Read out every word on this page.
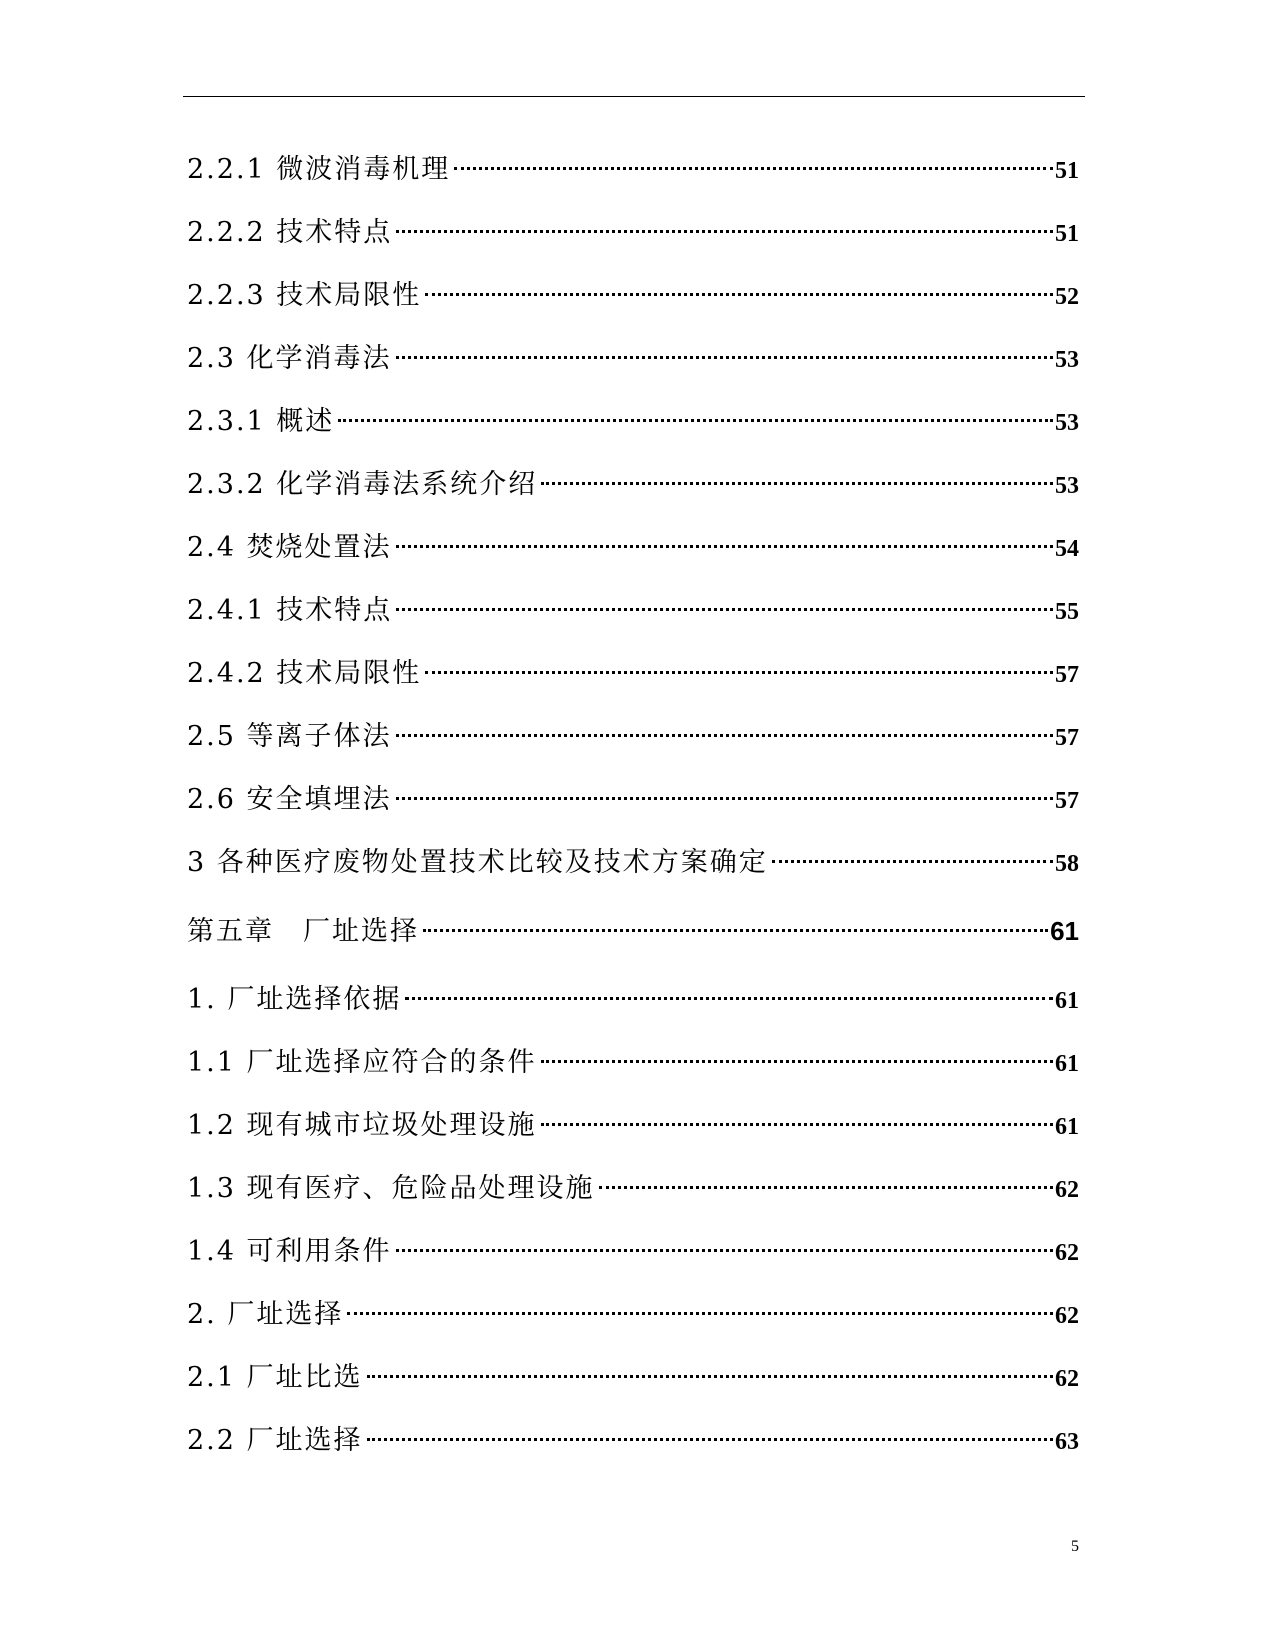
2.2.1 微波消毒机理	51
2.2.2 技术特点	51
2.2.3 技术局限性	52
2.3 化学消毒法	53
2.3.1 概述	53
2.3.2 化学消毒法系统介绍	53
2.4 焚烧处置法	54
2.4.1 技术特点	55
2.4.2 技术局限性	57
2.5 等离子体法	57
2.6 安全填埋法	57
3 各种医疗废物处置技术比较及技术方案确定	58
第五章　厂址选择	61
1. 厂址选择依据	61
1.1 厂址选择应符合的条件	61
1.2 现有城市垃圾处理设施	61
1.3 现有医疗、危险品处理设施	62
1.4 可利用条件	62
2. 厂址选择	62
2.1 厂址比选	62
2.2 厂址选择	63
5
